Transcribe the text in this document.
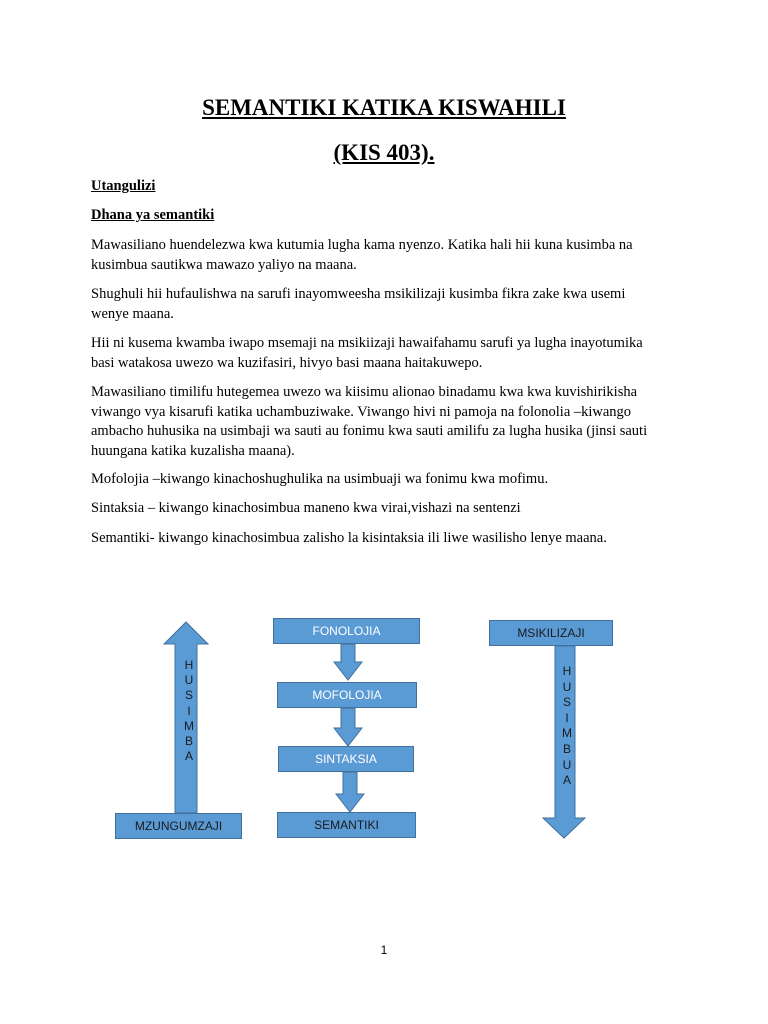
SEMANTIKI KATIKA KISWAHILI
(KIS 403).
Utangulizi
Dhana ya semantiki
Mawasiliano huendelezwa kwa kutumia lugha kama nyenzo. Katika hali hii kuna kusimba na
kusimbua sautikwa mawazo yaliyo na maana.
Shughuli hii hufaulishwa na sarufi inayomweesha msikilizaji kusimba fikra zake kwa usemi
wenye maana.
Hii ni kusema kwamba iwapo msemaji na msikiizaji hawaifahamu sarufi ya lugha inayotumika
basi watakosa uwezo wa kuzifasiri, hivyo basi maana haitakuwepo.
Mawasiliano timilifu hutegemea uwezo wa kiisimu alionao binadamu kwa kwa kuvishirikisha
viwango vya kisarufi katika uchambuziwake. Viwango hivi ni pamoja na folonolia –kiwango
ambacho huhusika na usimbaji wa sauti au fonimu kwa sauti amilifu za lugha husika (jinsi sauti
huungana katika kuzalisha maana).
Mofolojia –kiwango kinachoshughulika na usimbuaji wa fonimu kwa mofimu.
Sintaksia – kiwango kinachosimbua maneno kwa virai,vishazi na sentenzi
Semantiki- kiwango kinachosimbua zalisho la kisintaksia ili liwe wasilisho lenye maana.
H
U
S
I
M
B
A
H
U
S
I
M
B
U
A
FONOLOJIA
MOFOLOJIA
SINTAKSIA
SEMANTIKI
MSIKILIZAJI
MZUNGUMZAJI
1
